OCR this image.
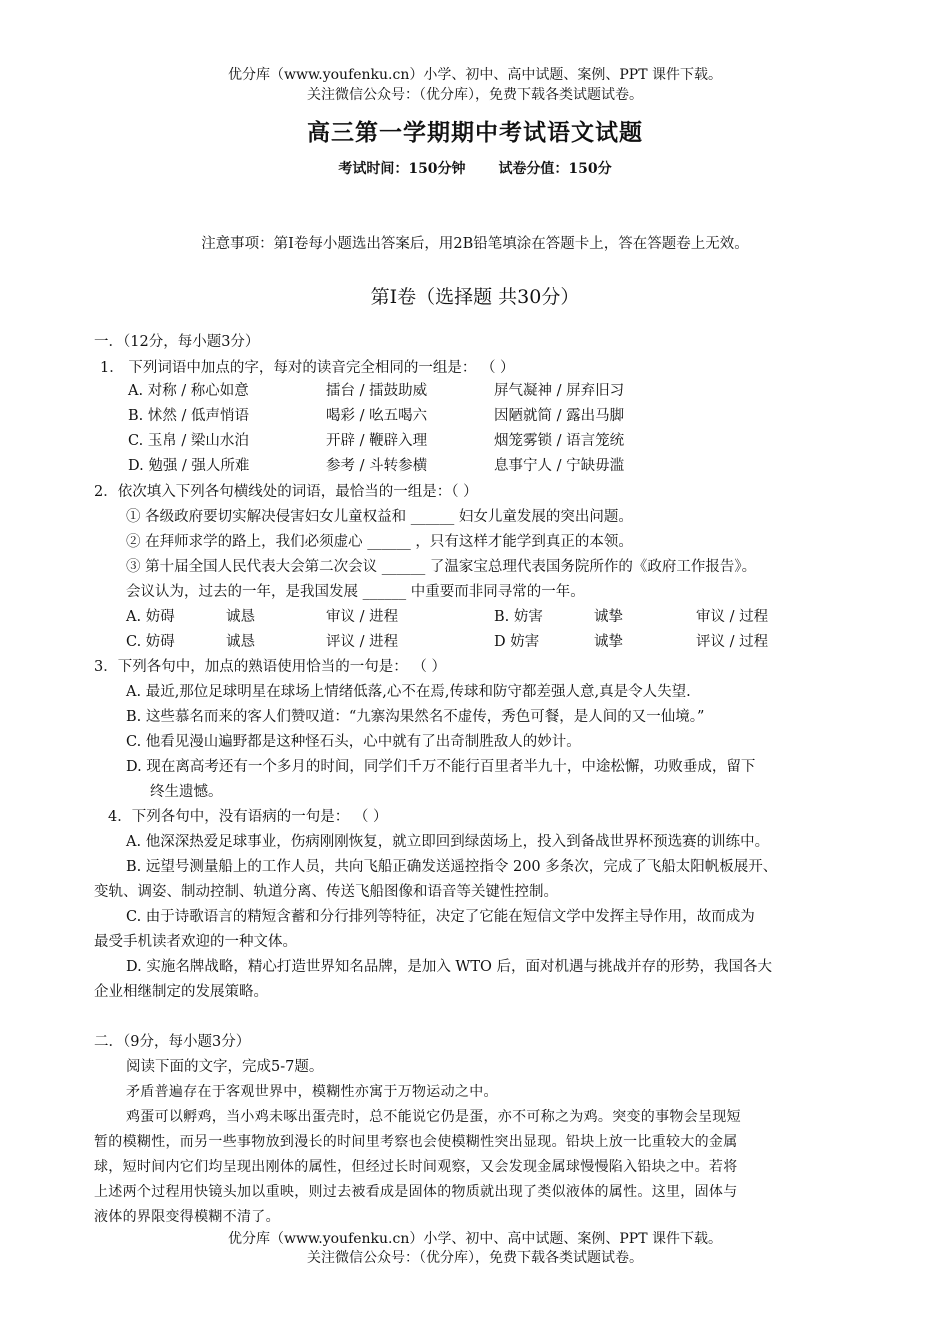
优分库（www.youfenku.cn）小学、初中、高中试题、案例、PPT 课件下载。
关注微信公众号：（优分库），免费下载各类试题试卷。
高三第一学期期中考试语文试题
考试时间：150分钟 试卷分值：150分
注意事项：第Ⅰ卷每小题选出答案后，用2B铅笔填涂在答题卡上，答在答题卷上无效。
第Ⅰ卷（选择题 共30分）
一．（12分，每小题3分）
1． 下列词语中加点的字，每对的读音完全相同的一组是： （ ）
A. 对称 / 称心如意	擂台 / 擂鼓助威	屏气凝神 / 屏弃旧习
B. 怵然 / 低声悄语	喝彩 / 吆五喝六	因陋就简 / 露出马脚
C. 玉帛 / 梁山水泊	开辟 / 鞭辟入理	烟笼雾锁 / 语言笼统
D. 勉强 / 强人所难	参考 / 斗转参横	息事宁人 / 宁缺毋滥
2．依次填入下列各句横线处的词语，最恰当的一组是：（ ）
① 各级政府要切实解决侵害妇女儿童权益和 ______ 妇女儿童发展的突出问题。
② 在拜师求学的路上，我们必须虚心 ______ ，只有这样才能学到真正的本领。
③ 第十届全国人民代表大会第二次会议 ______ 了温家宝总理代表国务院所作的《政府工作报告》。
会议认为，过去的一年，是我国发展 ______ 中重要而非同寻常的一年。
A. 妨碍	诚恳	审议 / 进程	B. 妨害	诚挚	审议 / 过程
C. 妨碍	诚恳	评议 / 进程	D 妨害	诚挚	评议 / 过程
3．下列各句中，加点的熟语使用恰当的一句是： （ ）
A. 最近,那位足球明星在球场上情绪低落,心不在焉,传球和防守都差强人意,真是令人失望.
B. 这些慕名而来的客人们赞叹道：“九寨沟果然名不虚传，秀色可餐，是人间的又一仙境。”
C. 他看见漫山遍野都是这种怪石头，心中就有了出奇制胜敌人的妙计。
D. 现在离高考还有一个多月的时间，同学们千万不能行百里者半九十，中途松懈，功败垂成，留下
终生遗憾。
4．下列各句中，没有语病的一句是： （ ）
A. 他深深热爱足球事业，伤病刚刚恢复，就立即回到绿茵场上，投入到备战世界杯预选赛的训练中。
B. 远望号测量船上的工作人员，共向飞船正确发送遥控指令 200 多条次，完成了飞船太阳帆板展开、
变轨、调姿、制动控制、轨道分离、传送飞船图像和语音等关键性控制。
C. 由于诗歌语言的精短含蓄和分行排列等特征，决定了它能在短信文学中发挥主导作用，故而成为
最受手机读者欢迎的一种文体。
D. 实施名牌战略，精心打造世界知名品牌，是加入 WTO 后，面对机遇与挑战并存的形势，我国各大
企业相继制定的发展策略。
二．（9分，每小题3分）
阅读下面的文字，完成5-7题。
矛盾普遍存在于客观世界中，模糊性亦寓于万物运动之中。
鸡蛋可以孵鸡，当小鸡未啄出蛋壳时，总不能说它仍是蛋，亦不可称之为鸡。突变的事物会呈现短
暂的模糊性，而另一些事物放到漫长的时间里考察也会使模糊性突出显现。铅块上放一比重较大的金属
球，短时间内它们均呈现出刚体的属性，但经过长时间观察，又会发现金属球慢慢陷入铅块之中。若将
上述两个过程用快镜头加以重映，则过去被看成是固体的物质就出现了类似液体的属性。这里，固体与
液体的界限变得模糊不清了。
优分库（www.youfenku.cn）小学、初中、高中试题、案例、PPT 课件下载。
关注微信公众号：（优分库），免费下载各类试题试卷。
